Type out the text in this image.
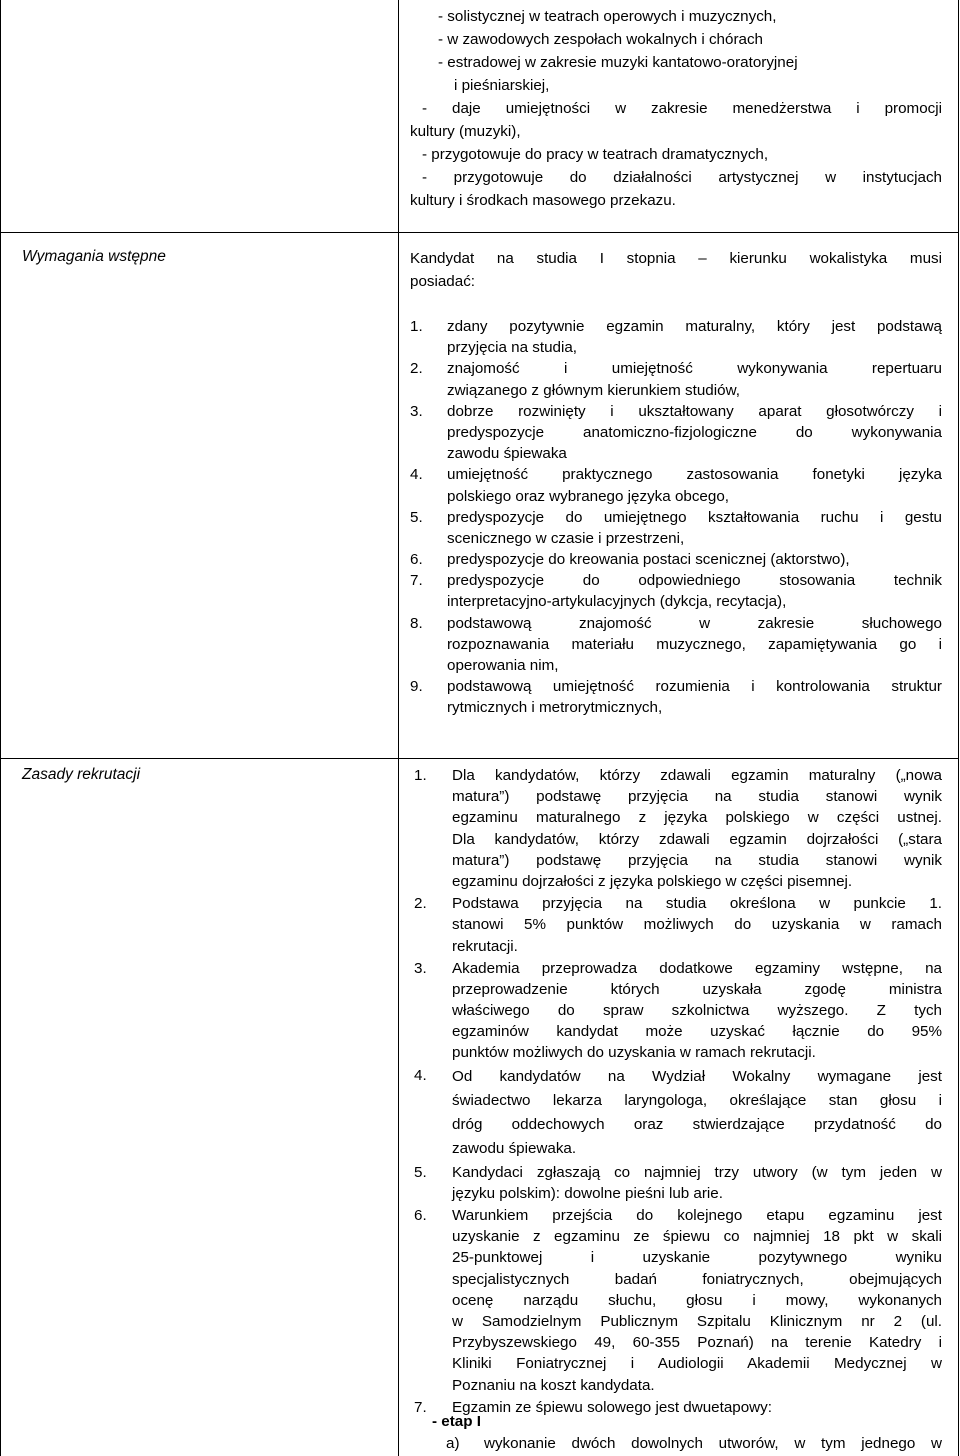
- solistycznej w teatrach operowych i muzycznych,
- w zawodowych zespołach wokalnych i chórach
- estradowej w zakresie muzyki kantatowo-oratoryjnej
i pieśniarskiej,
- daje umiejętności w zakresie menedżerstwa i promocji
kultury (muzyki),
- przygotowuje do pracy w teatrach dramatycznych,
- przygotowuje do działalności artystycznej w instytucjach
kultury i środkach masowego przekazu.
Wymagania wstępne	Kandydat na studia I stopnia – kierunku wokalistyka musi
posiadać:
1. zdany pozytywnie egzamin maturalny, który jest podstawą
przyjęcia na studia,
2. znajomość i umiejętność wykonywania repertuaru
związanego z głównym kierunkiem studiów,
3. dobrze rozwinięty i ukształtowany aparat głosotwórczy i
predyspozycje anatomiczno-fizjologiczne do wykonywania
zawodu śpiewaka
4. umiejętność praktycznego zastosowania fonetyki języka
polskiego oraz wybranego języka obcego,
5. predyspozycje do umiejętnego kształtowania ruchu i gestu
scenicznego w czasie i przestrzeni,
6. predyspozycje do kreowania postaci scenicznej (aktorstwo),
7. predyspozycje do odpowiedniego stosowania technik
interpretacyjno-artykulacyjnych (dykcja, recytacja),
8. podstawową znajomość w zakresie słuchowego
rozpoznawania materiału muzycznego, zapamiętywania go i
operowania nim,
9. podstawową umiejętność rozumienia i kontrolowania struktur
rytmicznych i metrorytmicznych,
Zasady rekrutacji	1. Dla kandydatów, którzy zdawali egzamin maturalny („nowa
matura”) podstawę przyjęcia na studia stanowi wynik
egzaminu maturalnego z języka polskiego w części ustnej.
Dla kandydatów, którzy zdawali egzamin dojrzałości („stara
matura”) podstawę przyjęcia na studia stanowi wynik
egzaminu dojrzałości z języka polskiego w części pisemnej.
2. Podstawa przyjęcia na studia określona w punkcie 1.
stanowi 5% punktów możliwych do uzyskania w ramach
rekrutacji.
3. Akademia przeprowadza dodatkowe egzaminy wstępne, na
przeprowadzenie których uzyskała zgodę ministra
właściwego do spraw szkolnictwa wyższego. Z tych
egzaminów kandydat może uzyskać łącznie do 95%
punktów możliwych do uzyskania w ramach rekrutacji.
4. Od kandydatów na Wydział Wokalny wymagane jest
świadectwo lekarza laryngologa, określające stan głosu i
dróg oddechowych oraz stwierdzające przydatność do
zawodu śpiewaka.
5. Kandydaci zgłaszają co najmniej trzy utwory (w tym jeden w
języku polskim): dowolne pieśni lub arie.
6. Warunkiem przejścia do kolejnego etapu egzaminu jest
uzyskanie z egzaminu ze śpiewu co najmniej 18 pkt w skali
25-punktowej i uzyskanie pozytywnego wyniku
specjalistycznych badań foniatrycznych, obejmujących
ocenę narządu słuchu, głosu i mowy, wykonanych
w Samodzielnym Publicznym Szpitalu Klinicznym nr 2 (ul.
Przybyszewskiego 49, 60-355 Poznań) na terenie Katedry i
Kliniki Foniatrycznej i Audiologii Akademii Medycznej w
Poznaniu na koszt kandydata.
7. Egzamin ze śpiewu solowego jest dwuetapowy:
- etap I
a) wykonanie dwóch dowolnych utworów, w tym jednego w
